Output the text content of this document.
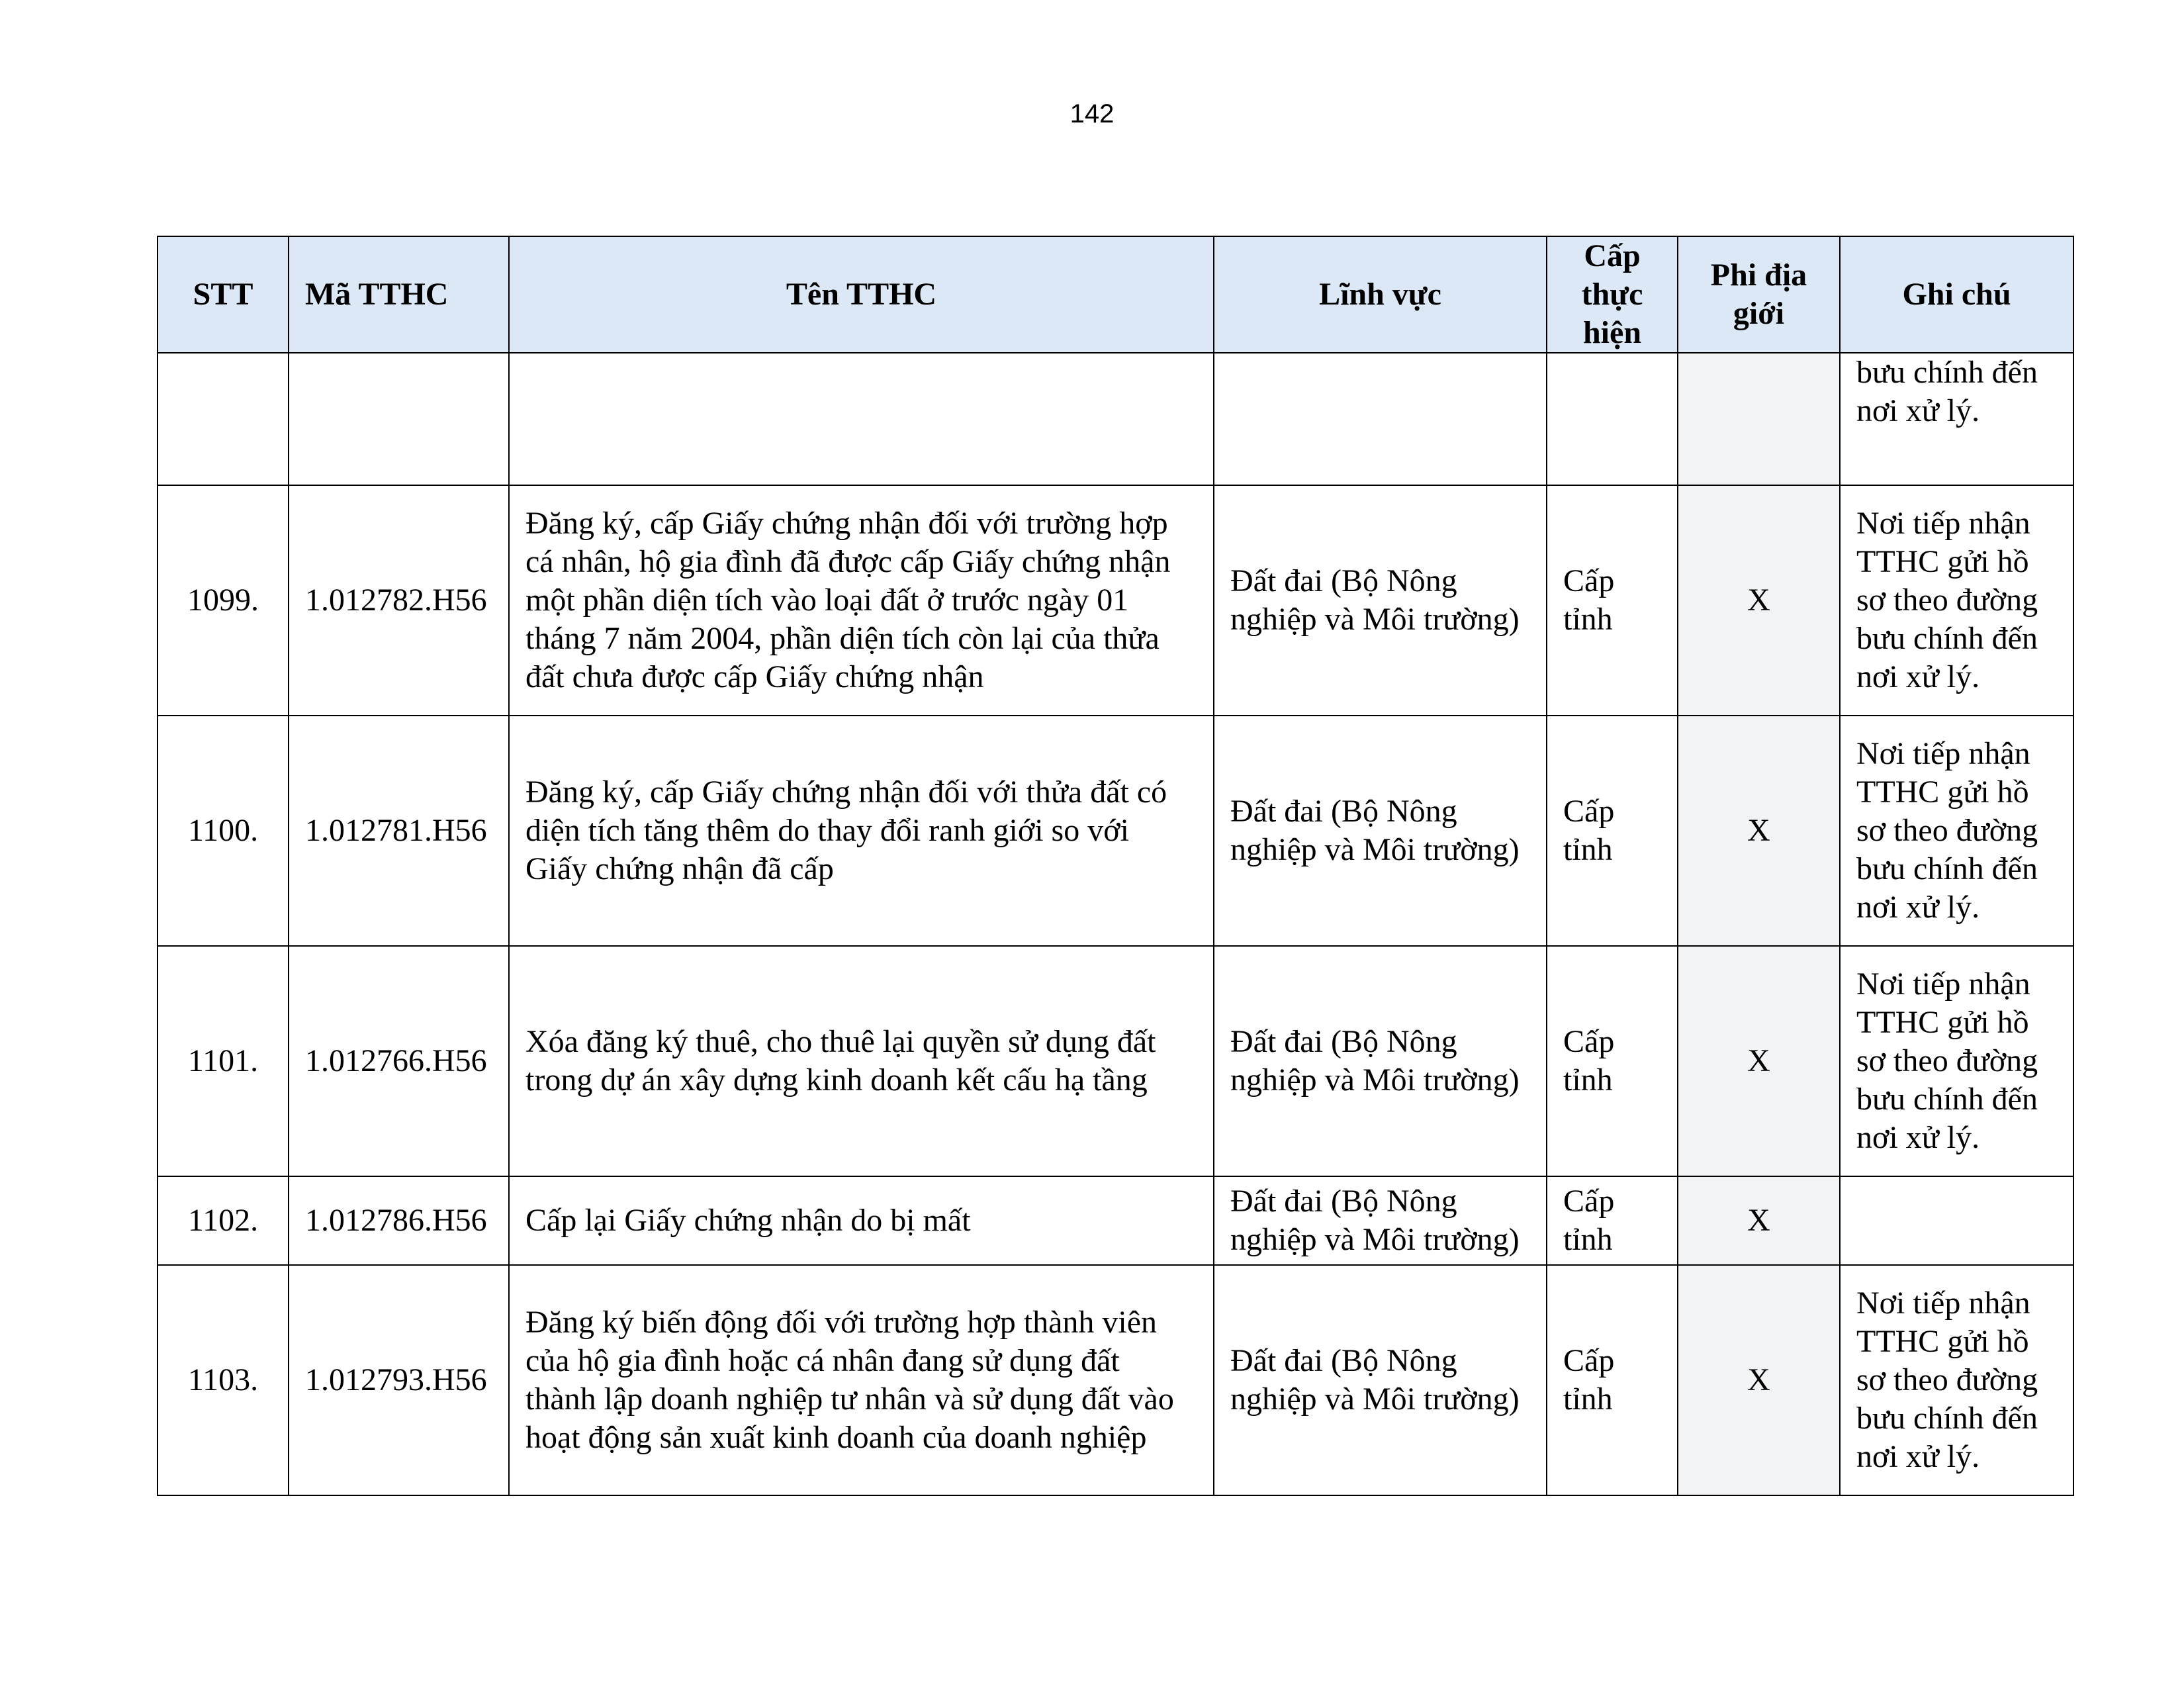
142
STT	Mã TTHC	Tên TTHC	Lĩnh vực	Cấp thực hiện	Phi địa giới	Ghi chú

						bưu chính đến nơi xử lý.

1099.	1.012782.H56	Đăng ký, cấp Giấy chứng nhận đối với trường hợp cá nhân, hộ gia đình đã được cấp Giấy chứng nhận một phần diện tích vào loại đất ở trước ngày 01 tháng 7 năm 2004, phần diện tích còn lại của thửa đất chưa được cấp Giấy chứng nhận	Đất đai (Bộ Nông nghiệp và Môi trường)	Cấp tỉnh	X	Nơi tiếp nhận TTHC gửi hồ sơ theo đường bưu chính đến nơi xử lý.
1100.	1.012781.H56	Đăng ký, cấp Giấy chứng nhận đối với thửa đất có diện tích tăng thêm do thay đổi ranh giới so với Giấy chứng nhận đã cấp	Đất đai (Bộ Nông nghiệp và Môi trường)	Cấp tỉnh	X	Nơi tiếp nhận TTHC gửi hồ sơ theo đường bưu chính đến nơi xử lý.
1101.	1.012766.H56	Xóa đăng ký thuê, cho thuê lại quyền sử dụng đất trong dự án xây dựng kinh doanh kết cấu hạ tầng	Đất đai (Bộ Nông nghiệp và Môi trường)	Cấp tỉnh	X	Nơi tiếp nhận TTHC gửi hồ sơ theo đường bưu chính đến nơi xử lý.
1102.	1.012786.H56	Cấp lại Giấy chứng nhận do bị mất	Đất đai (Bộ Nông nghiệp và Môi trường)	Cấp tỉnh	X	
1103.	1.012793.H56	Đăng ký biến động đối với trường hợp thành viên của hộ gia đình hoặc cá nhân đang sử dụng đất thành lập doanh nghiệp tư nhân và sử dụng đất vào hoạt động sản xuất kinh doanh của doanh nghiệp	Đất đai (Bộ Nông nghiệp và Môi trường)	Cấp tỉnh	X	Nơi tiếp nhận TTHC gửi hồ sơ theo đường bưu chính đến nơi xử lý.
